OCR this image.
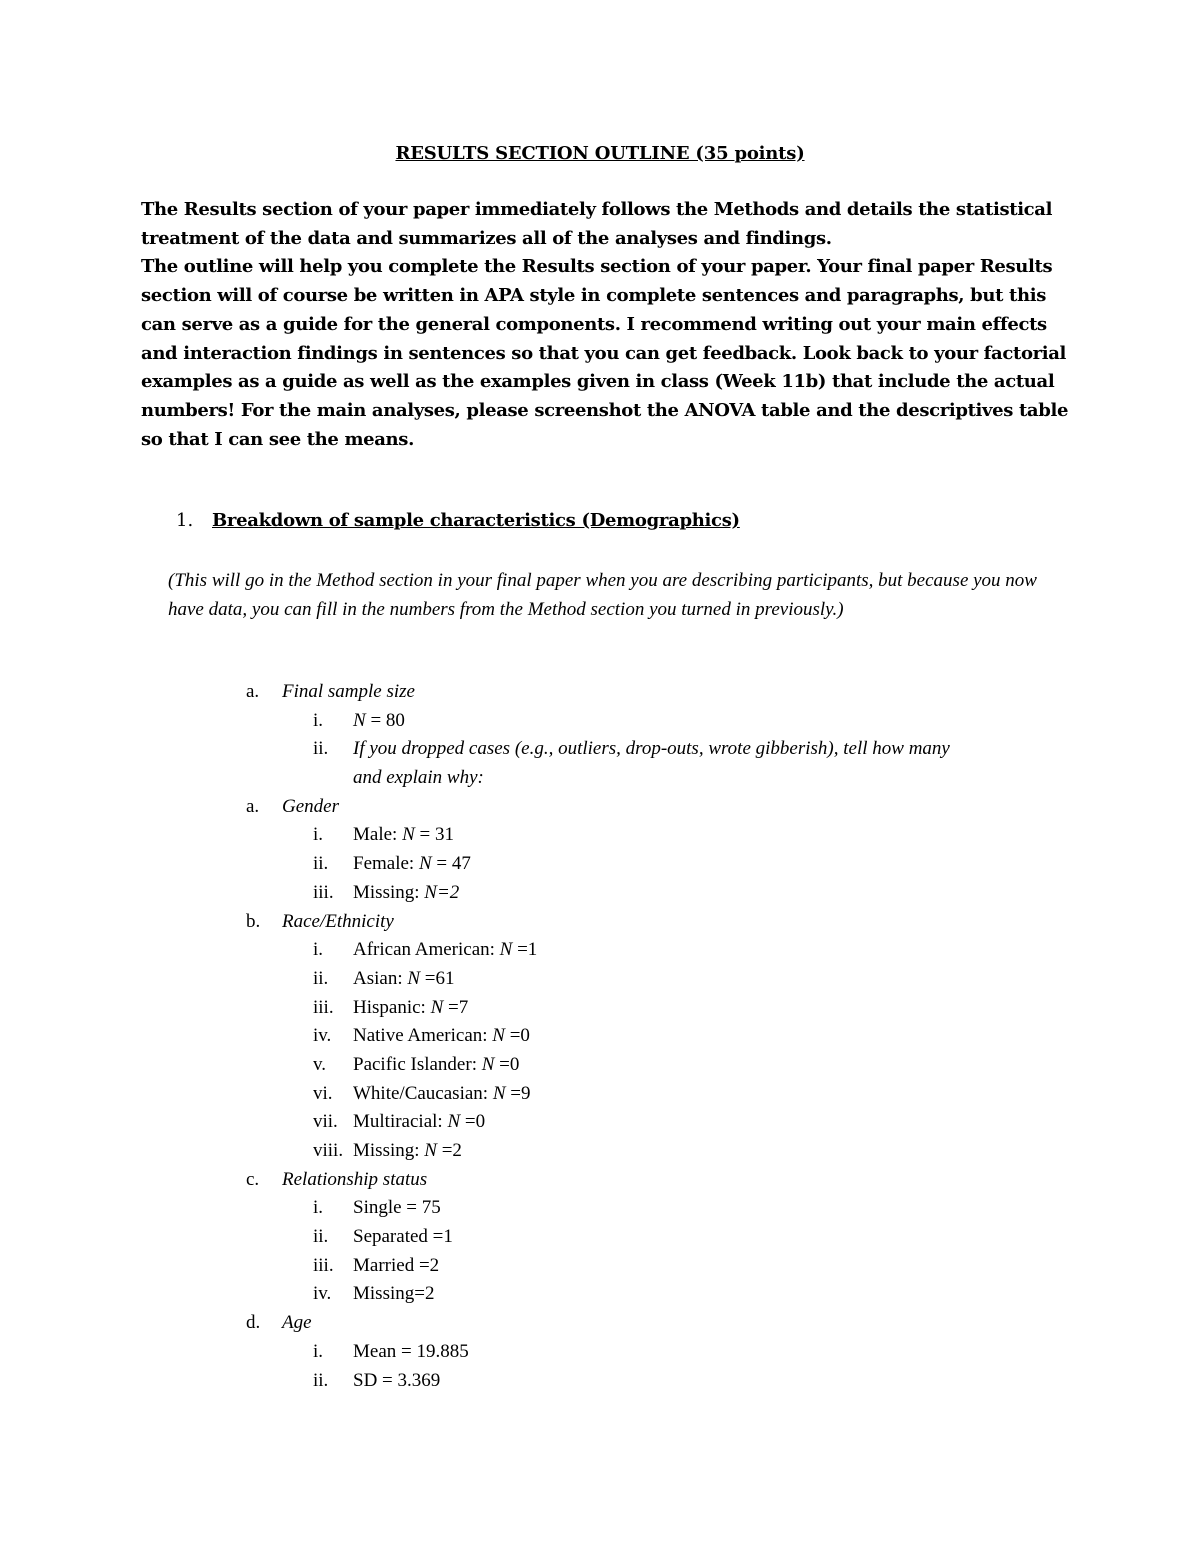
RESULTS SECTION OUTLINE (35 points)

The Results section of your paper immediately follows the Methods and details the statistical treatment of the data and summarizes all of the analyses and findings.

The outline will help you complete the Results section of your paper. Your final paper Results section will of course be written in APA style in complete sentences and paragraphs, but this can serve as a guide for the general components. I recommend writing out your main effects and interaction findings in sentences so that you can get feedback. Look back to your factorial examples as a guide as well as the examples given in class (Week 11b) that include the actual numbers! For the main analyses, please screenshot the ANOVA table and the descriptives table so that I can see the means.

1. Breakdown of sample characteristics (Demographics)
(This will go in the Method section in your final paper when you are describing participants, but because you now have data, you can fill in the numbers from the Method section you turned in previously.)
a. Final sample size
i. N = 80
ii. If you dropped cases (e.g., outliers, drop-outs, wrote gibberish), tell how many
and explain why:
a. Gender
i. Male: N = 31
ii. Female: N = 47
iii. Missing: N=2
b. Race/Ethnicity
i. African American: N =1
ii. Asian: N =61
iii. Hispanic: N =7
iv. Native American: N =0
v. Pacific Islander: N =0
vi. White/Caucasian: N =9
vii. Multiracial: N =0
viii. Missing: N =2
c. Relationship status
i. Single = 75
ii. Separated =1
iii. Married =2
iv. Missing=2
d. Age
i. Mean = 19.885
ii. SD = 3.369
